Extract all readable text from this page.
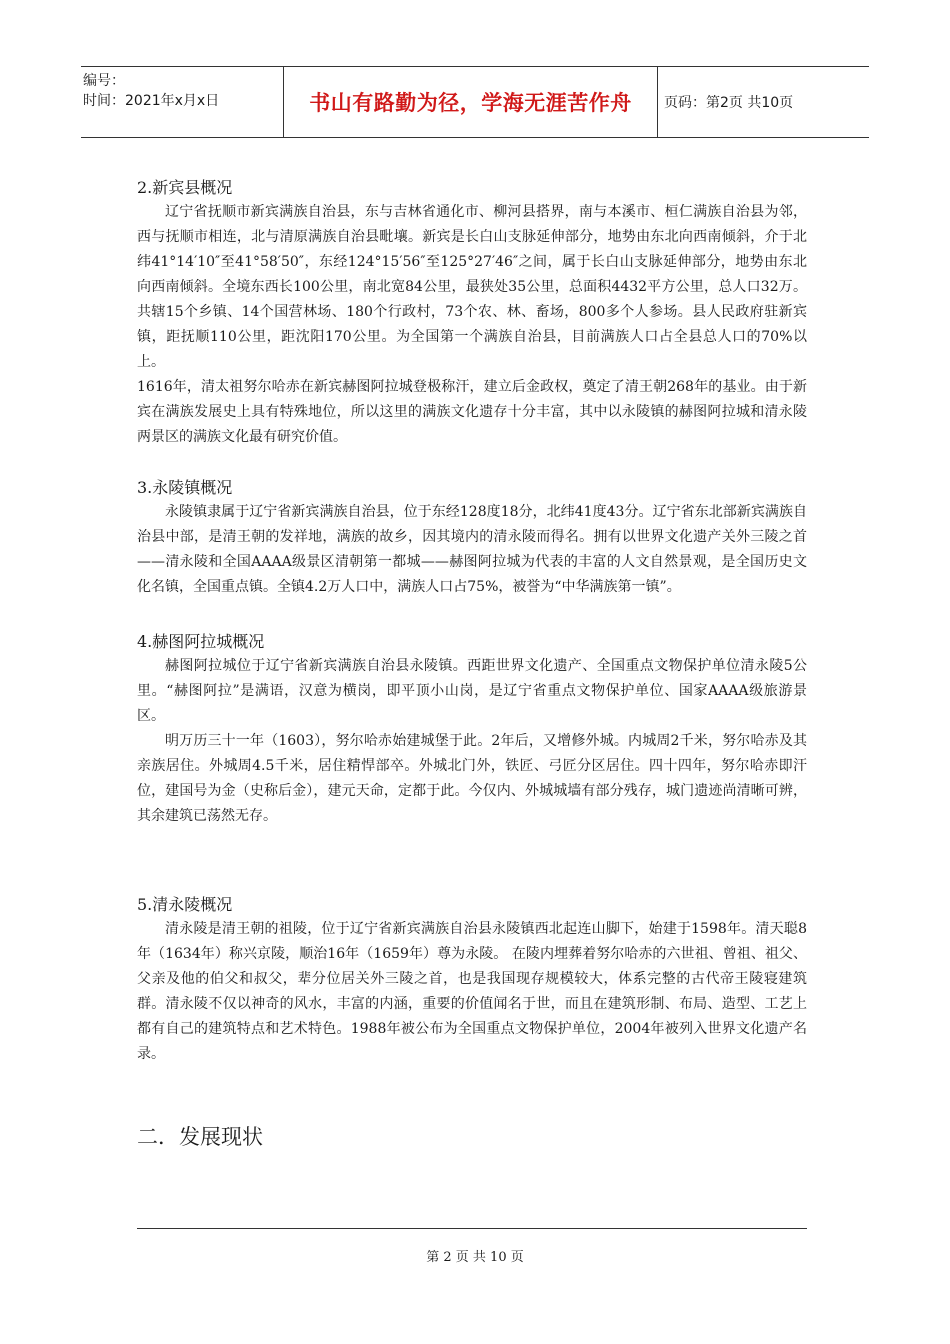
编号：
时间：2021年x月x日	书山有路勤为径，学海无涯苦作舟	页码：第2页 共10页
2.新宾县概况

辽宁省抚顺市新宾满族自治县，东与吉林省通化市、柳河县搭界，南与本溪市、桓仁满族自治县为邻，西与抚顺市相连，北与清原满族自治县毗壤。新宾是长白山支脉延伸部分，地势由东北向西南倾斜，介于北纬41°14′10″至41°58′50″，东经124°15′56″至125°27′46″之间，属于长白山支脉延伸部分，地势由东北向西南倾斜。全境东西长100公里，南北宽84公里，最狭处35公里，总面积4432平方公里，总人口32万。共辖15个乡镇、14个国营林场、180个行政村，73个农、林、畜场，800多个人参场。县人民政府驻新宾镇，距抚顺110公里，距沈阳170公里。为全国第一个满族自治县，目前满族人口占全县总人口的70%以上。

1616年，清太祖努尔哈赤在新宾赫图阿拉城登极称汗，建立后金政权，奠定了清王朝268年的基业。由于新宾在满族发展史上具有特殊地位，所以这里的满族文化遗存十分丰富，其中以永陵镇的赫图阿拉城和清永陵两景区的满族文化最有研究价值。

3.永陵镇概况

永陵镇隶属于辽宁省新宾满族自治县，位于东经128度18分，北纬41度43分。辽宁省东北部新宾满族自治县中部，是清王朝的发祥地，满族的故乡，因其境内的清永陵而得名。拥有以世界文化遗产关外三陵之首——清永陵和全国AAAA级景区清朝第一都城——赫图阿拉城为代表的丰富的人文自然景观，是全国历史文化名镇，全国重点镇。全镇4.2万人口中，满族人口占75%，被誉为“中华满族第一镇”。

4.赫图阿拉城概况

赫图阿拉城位于辽宁省新宾满族自治县永陵镇。西距世界文化遗产、全国重点文物保护单位清永陵5公里。“赫图阿拉”是满语，汉意为横岗，即平顶小山岗，是辽宁省重点文物保护单位、国家AAAA级旅游景区。

明万历三十一年（1603），努尔哈赤始建城堡于此。2年后，又增修外城。内城周2千米，努尔哈赤及其亲族居住。外城周4.5千米，居住精悍部卒。外城北门外，铁匠、弓匠分区居住。四十四年，努尔哈赤即汗位，建国号为金（史称后金），建元天命，定都于此。今仅内、外城城墙有部分残存，城门遗迹尚清晰可辨，其余建筑已荡然无存。

5.清永陵概况

清永陵是清王朝的祖陵，位于辽宁省新宾满族自治县永陵镇西北起连山脚下，始建于1598年。清天聪8年（1634年）称兴京陵，顺治16年（1659年）尊为永陵。 在陵内埋葬着努尔哈赤的六世祖、曾祖、祖父、父亲及他的伯父和叔父，辈分位居关外三陵之首，也是我国现存规模较大，体系完整的古代帝王陵寝建筑群。清永陵不仅以神奇的风水，丰富的内涵，重要的价值闻名于世，而且在建筑形制、布局、造型、工艺上都有自己的建筑特点和艺术特色。1988年被公布为全国重点文物保护单位，2004年被列入世界文化遗产名录。

二．发展现状
第 2 页 共 10 页
